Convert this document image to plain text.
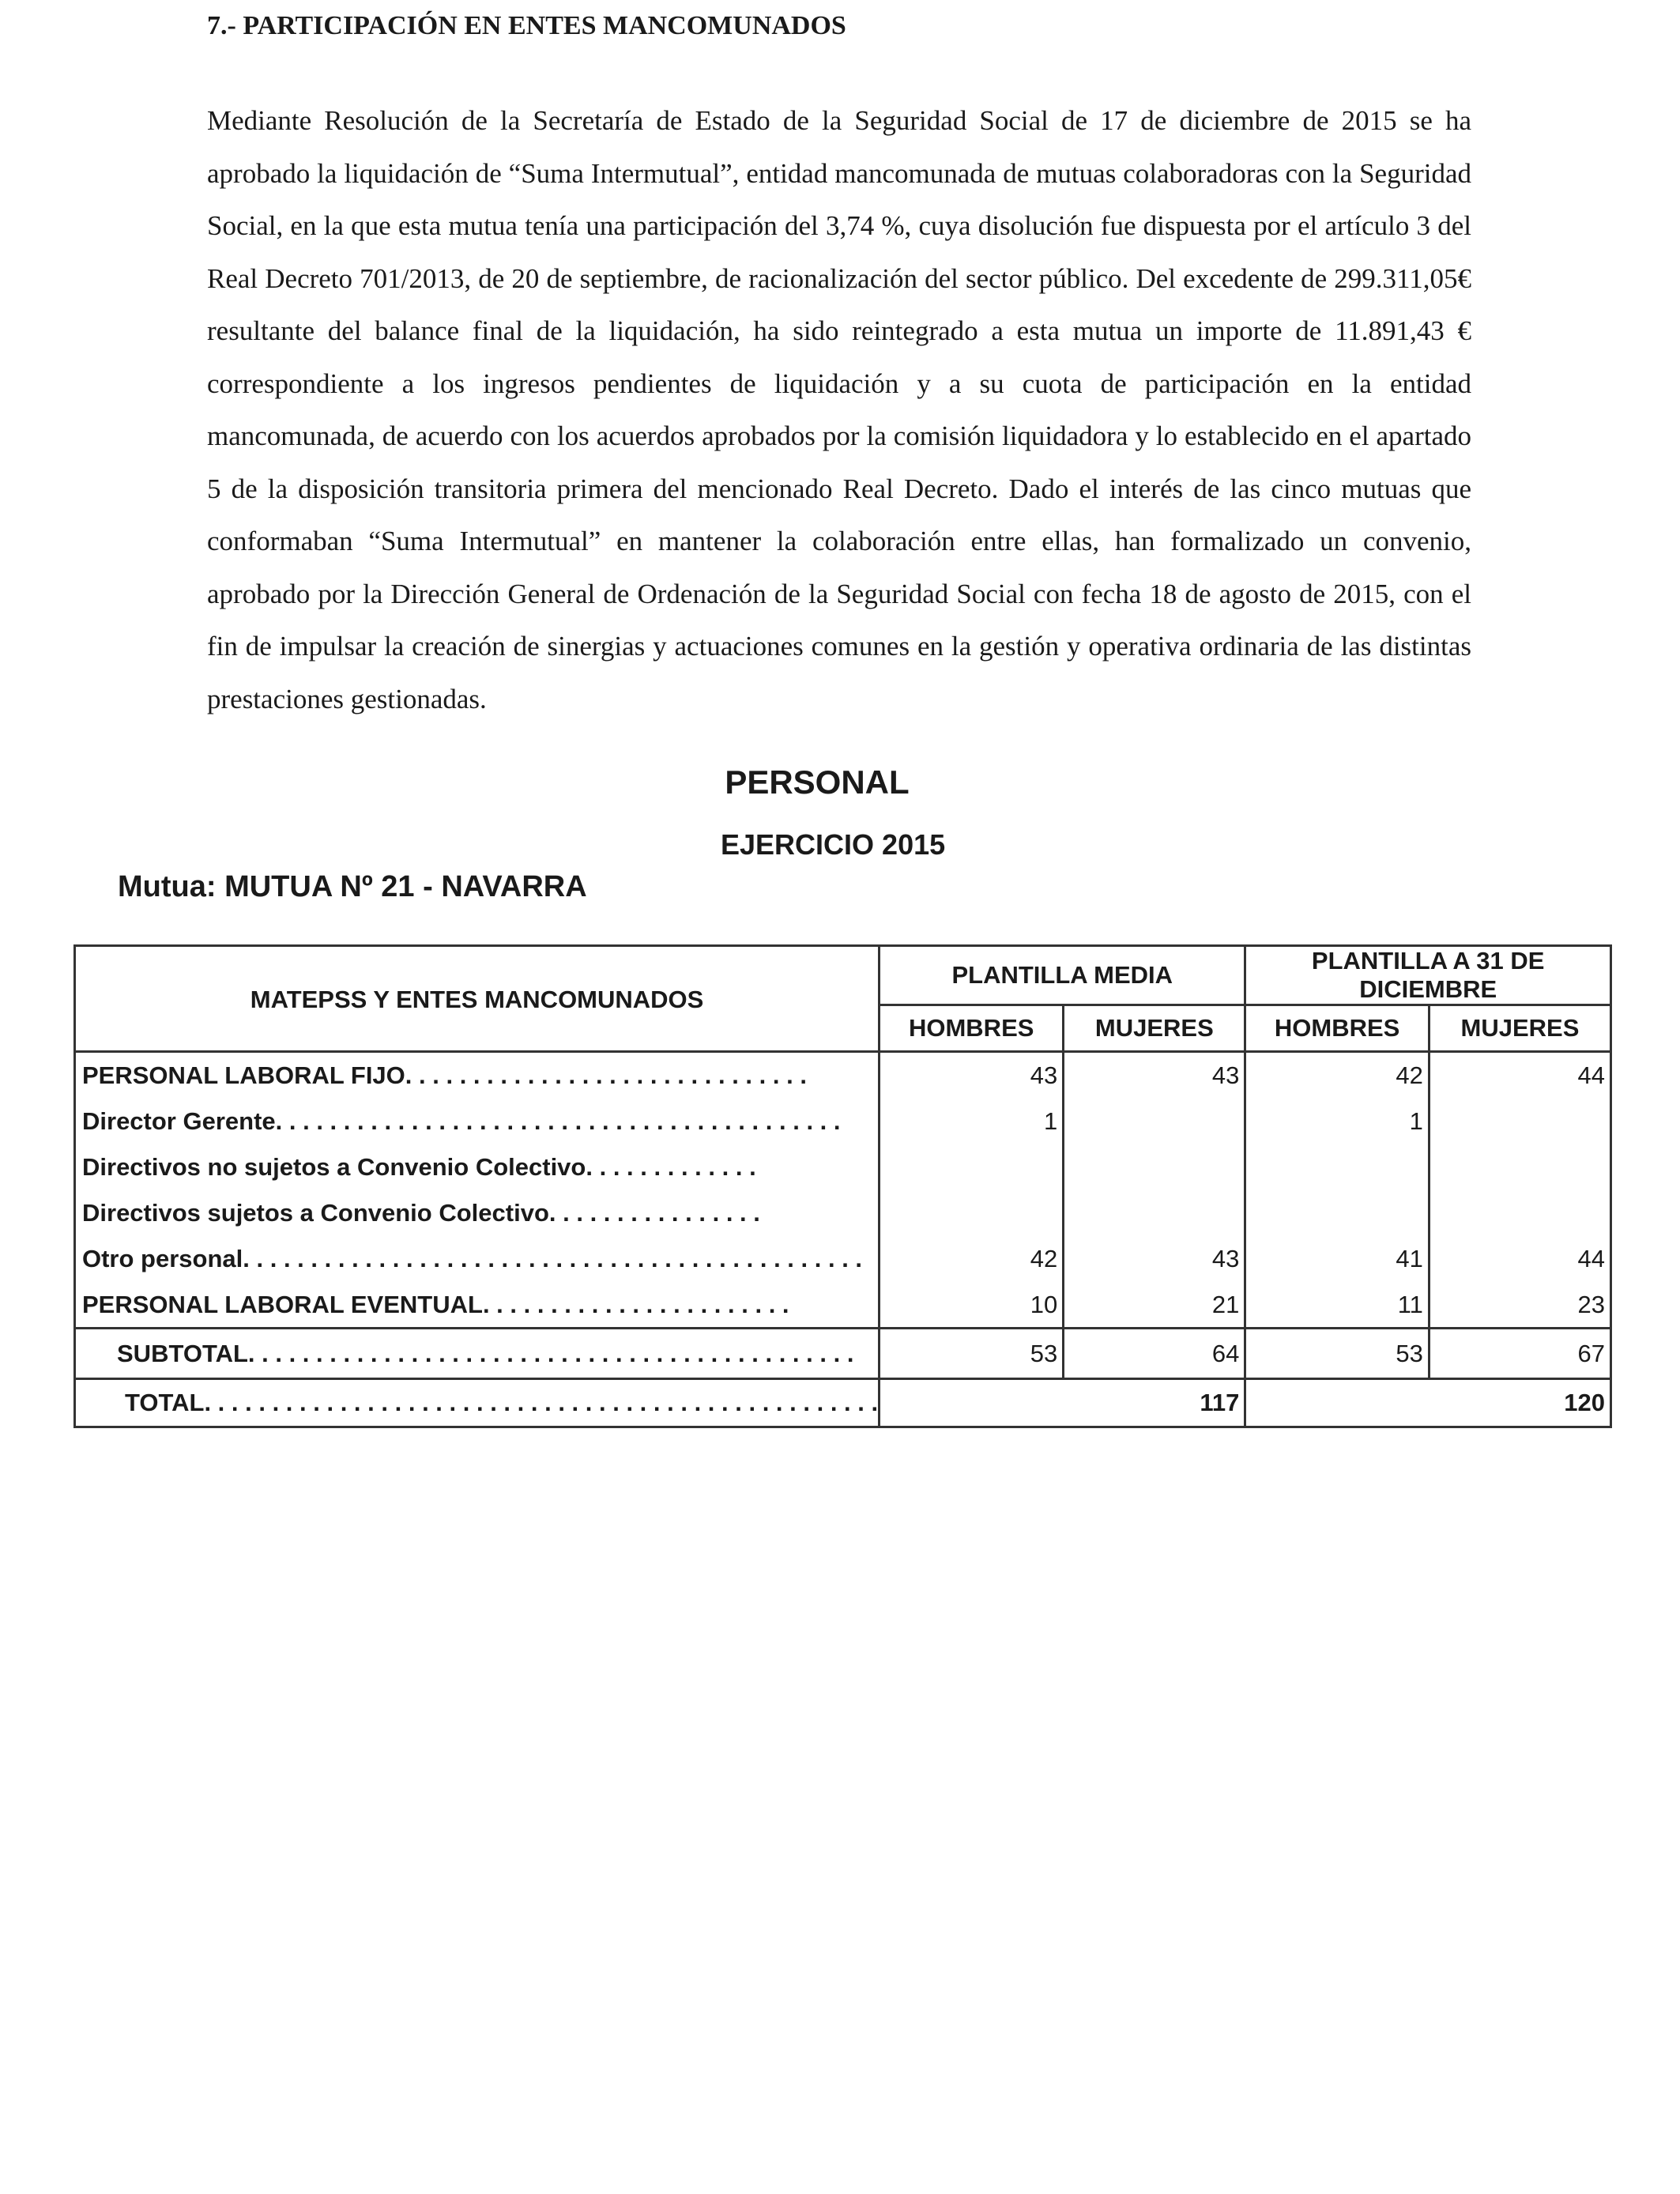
7.- PARTICIPACIÓN EN ENTES MANCOMUNADOS

Mediante Resolución de la Secretaría de Estado de la Seguridad Social de 17 de diciembre de 2015 se ha aprobado la liquidación de “Suma Intermutual”, entidad mancomunada de mutuas colaboradoras con la Seguridad Social, en la que esta mutua tenía una participación del 3,74 %, cuya disolución fue dispuesta por el artículo 3 del Real Decreto 701/2013, de 20 de septiembre, de racionalización del sector público. Del excedente de 299.311,05€ resultante del balance final de la liquidación, ha sido reintegrado a esta mutua un importe de 11.891,43 € correspondiente a los ingresos pendientes de liquidación y a su cuota de participación en la entidad mancomunada, de acuerdo con los acuerdos aprobados por la comisión liquidadora y lo establecido en el apartado 5 de la disposición transitoria primera del mencionado Real Decreto. Dado el interés de las cinco mutuas que conformaban “Suma Intermutual” en mantener la colaboración entre ellas, han formalizado un convenio, aprobado por la Dirección General de Ordenación de la Seguridad Social con fecha 18 de agosto de 2015, con el fin de impulsar la creación de sinergias y actuaciones comunes en la gestión y operativa ordinaria de las distintas prestaciones gestionadas.

PERSONAL
EJERCICIO 2015
Mutua: MUTUA Nº 21 - NAVARRA
MATEPSS Y ENTES MANCOMUNADOS	PLANTILLA MEDIA		PLANTILLA A 31 DE DICIEMBRE	
	HOMBRES	MUJERES	HOMBRES	MUJERES
PERSONAL LABORAL FIJO. . . . . . . . . . . . . . . . . . . . . . . . . . . . . .	43	43	42	44
Director Gerente. . . . . . . . . . . . . . . . . . . . . . . . . . . . . . . . . . . . . . . . . .	1		1	
Directivos no sujetos a Convenio Colectivo. . . . . . . . . . . . .				
Directivos sujetos a Convenio Colectivo. . . . . . . . . . . . . . . .				
Otro personal. . . . . . . . . . . . . . . . . . . . . . . . . . . . . . . . . . . . . . . . . . . . . .	42	43	41	44
PERSONAL LABORAL EVENTUAL. . . . . . . . . . . . . . . . . . . . . . .	10	21	11	23
SUBTOTAL. . . . . . . . . . . . . . . . . . . . . . . . . . . . . . . . . . . . . . . . . . . . .	53	64	53	67
TOTAL. . . . . . . . . . . . . . . . . . . . . . . . . . . . . . . . . . . . . . . . . . . . . . . . . .	117		120	
